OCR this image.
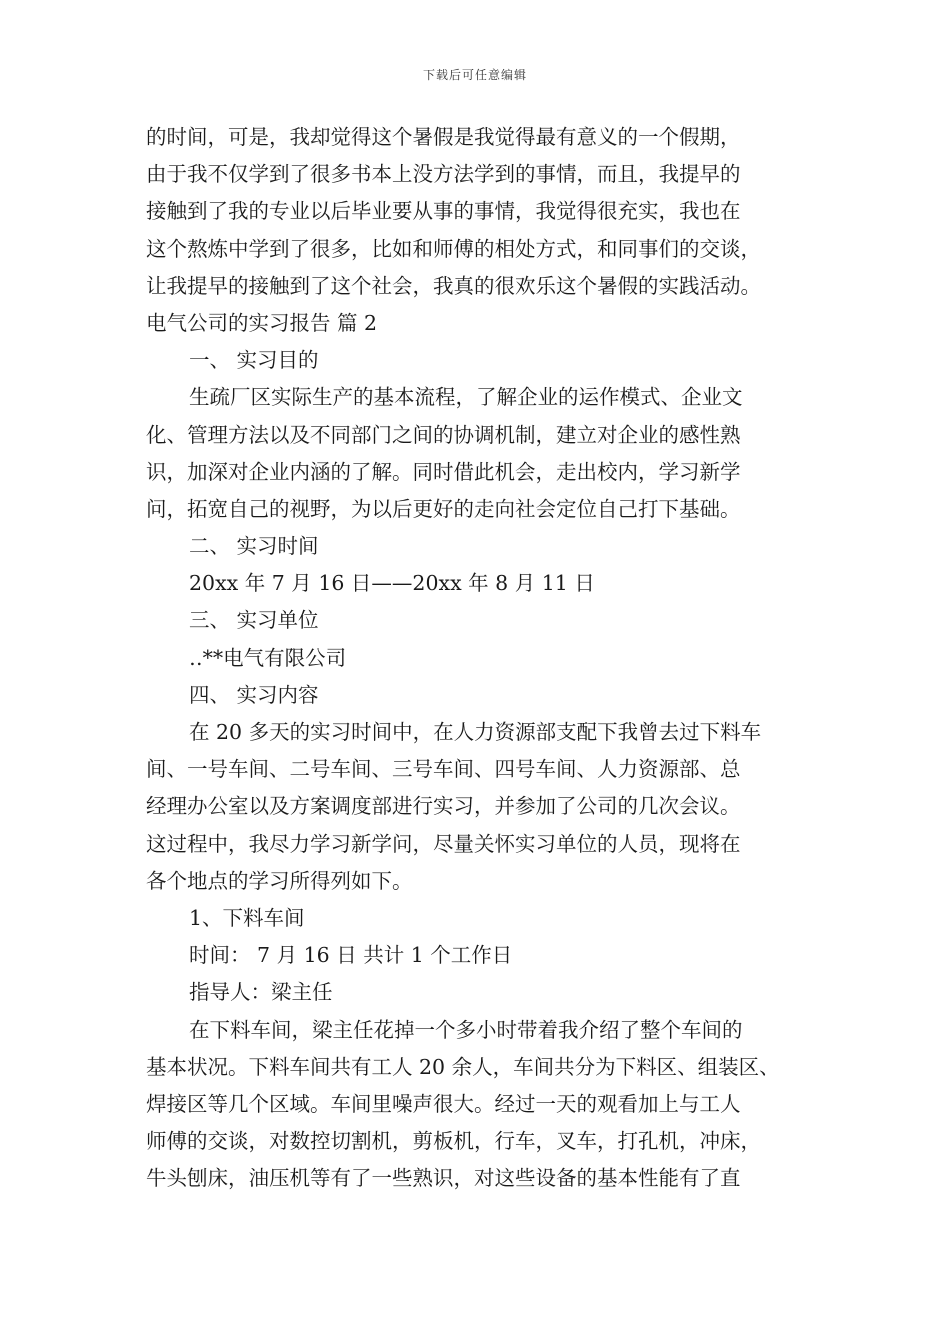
下载后可任意编辑
的时间，可是，我却觉得这个暑假是我觉得最有意义的一个假期，
由于我不仅学到了很多书本上没方法学到的事情，而且，我提早的
接触到了我的专业以后毕业要从事的事情，我觉得很充实，我也在
这个熬炼中学到了很多，比如和师傅的相处方式，和同事们的交谈，
让我提早的接触到了这个社会，我真的很欢乐这个暑假的实践活动。
电气公司的实习报告 篇 2
一、 实习目的
生疏厂区实际生产的基本流程，了解企业的运作模式、企业文
化、管理方法以及不同部门之间的协调机制，建立对企业的感性熟
识，加深对企业内涵的了解。同时借此机会，走出校内，学习新学
问，拓宽自己的视野，为以后更好的走向社会定位自己打下基础。
二、 实习时间
20xx 年 7 月 16 日——20xx 年 8 月 11 日
三、 实习单位
‥**电气有限公司
四、 实习内容
在 20 多天的实习时间中，在人力资源部支配下我曾去过下料车
间、一号车间、二号车间、三号车间、四号车间、人力资源部、总
经理办公室以及方案调度部进行实习，并参加了公司的几次会议。
这过程中，我尽力学习新学问，尽量关怀实习单位的人员，现将在
各个地点的学习所得列如下。
1、下料车间
时间： 7 月 16 日 共计 1 个工作日
指导人：梁主任
在下料车间，梁主任花掉一个多小时带着我介绍了整个车间的
基本状况。下料车间共有工人 20 余人，车间共分为下料区、组装区、
焊接区等几个区域。车间里噪声很大。经过一天的观看加上与工人
师傅的交谈，对数控切割机，剪板机，行车，叉车，打孔机，冲床，
牛头刨床，油压机等有了一些熟识，对这些设备的基本性能有了直
